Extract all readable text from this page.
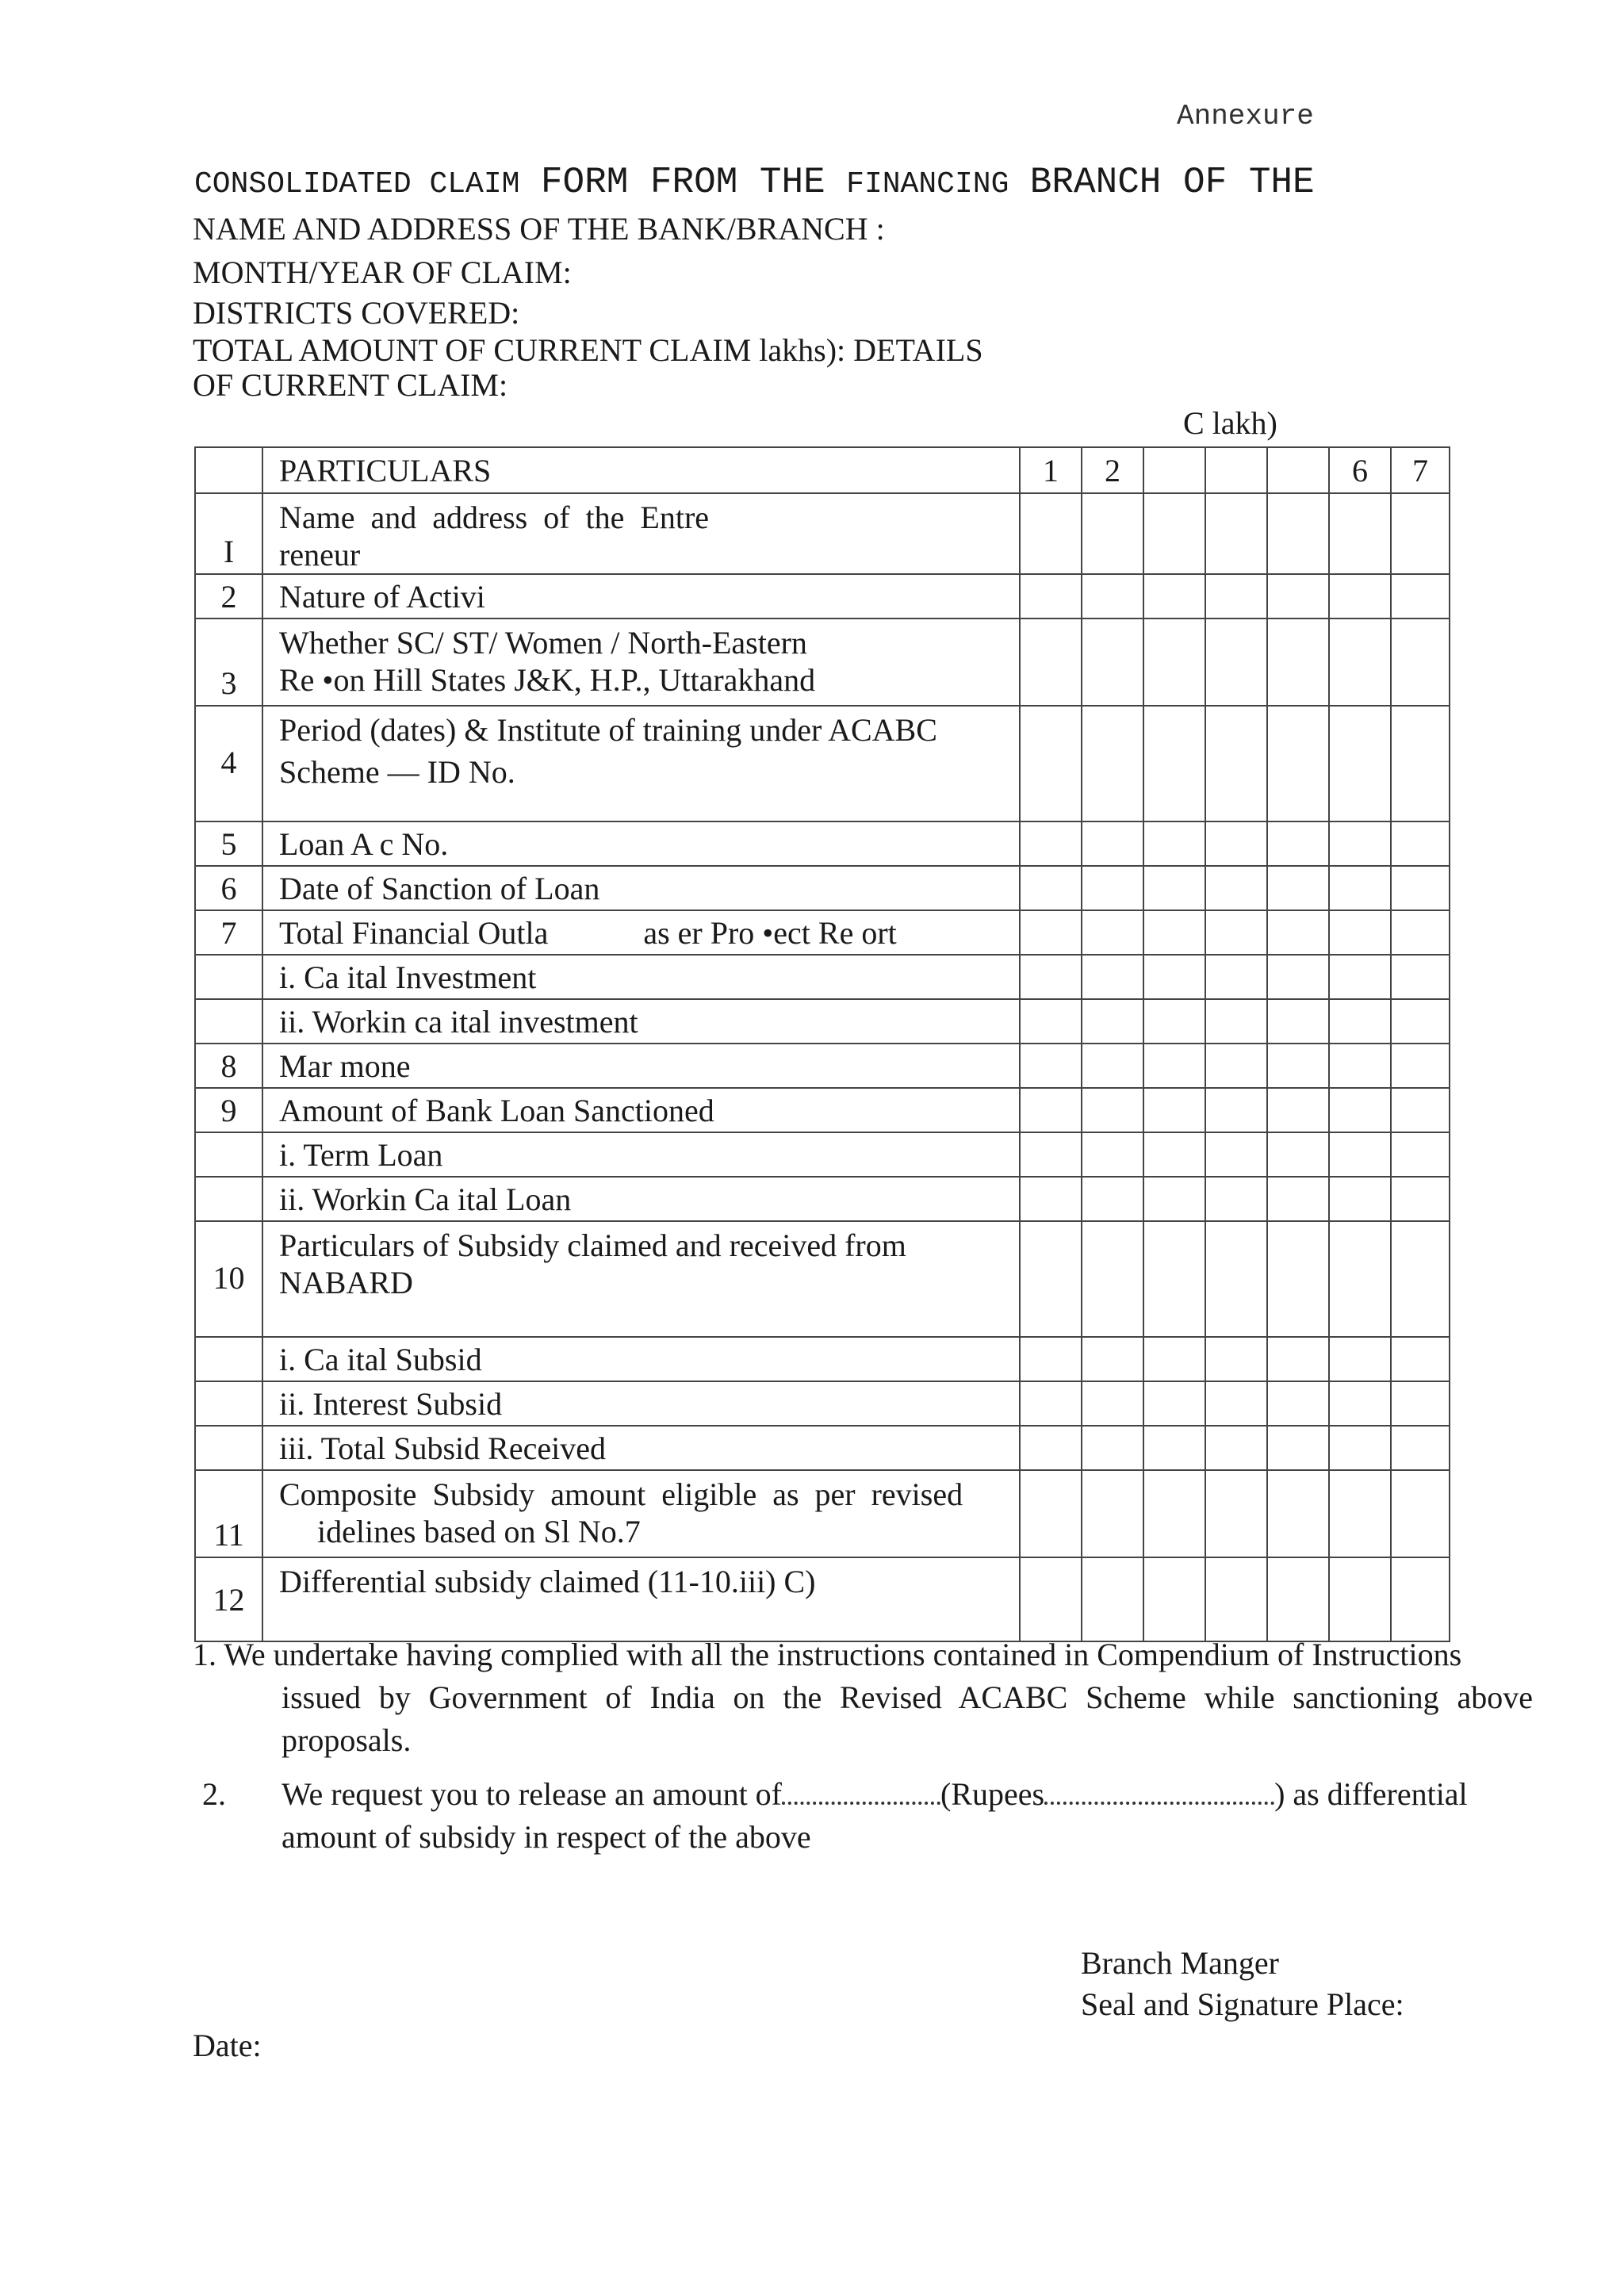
Annexure
CONSOLIDATED CLAIM FORM FROM THE FINANCING BRANCH OF THE
NAME AND ADDRESS OF THE BANK/BRANCH :
MONTH/YEAR OF CLAIM:
DISTRICTS COVERED:
TOTAL AMOUNT OF CURRENT CLAIM lakhs): DETAILS
OF CURRENT CLAIM:
C lakh)
	PARTICULARS	1	2				6	7
I	Name  and  address  of  the  Entre
reneur							

2	Nature of Activi							

3	Whether SC/ ST/ Women / North-Eastern
Re •on Hill States J&K, H.P., Uttarakhand							

4	Period (dates) & Institute of training under ACABC
Scheme — ID No.							

5	Loan A c No.							

6	Date of Sanction of Loan							

7	Total Financial Outla            as er Pro •ect Re ort							

	i. Ca ital Investment							

	ii. Workin ca ital investment							

8	Mar mone							

9	Amount of Bank Loan Sanctioned							

	i. Term Loan							

	ii. Workin Ca ital Loan							

10	Particulars of Subsidy claimed and received from
NABARD							

	i. Ca ital Subsid							

	ii. Interest Subsid							

	iii. Total Subsid Received							

11	Composite  Subsidy  amount  eligible  as  per  revised
idelines based on Sl No.7							

12	Differential subsidy claimed (11-10.iii) C)							

1. We undertake having complied with all the instructions contained in Compendium of Instructions
issued by Government of India on the Revised ACABC Scheme while sanctioning above
proposals.
2. We request you to release an amount of	(Rupees	) as differential
amount of subsidy in respect of the above
Branch Manger
Seal and Signature Place:
Date:
